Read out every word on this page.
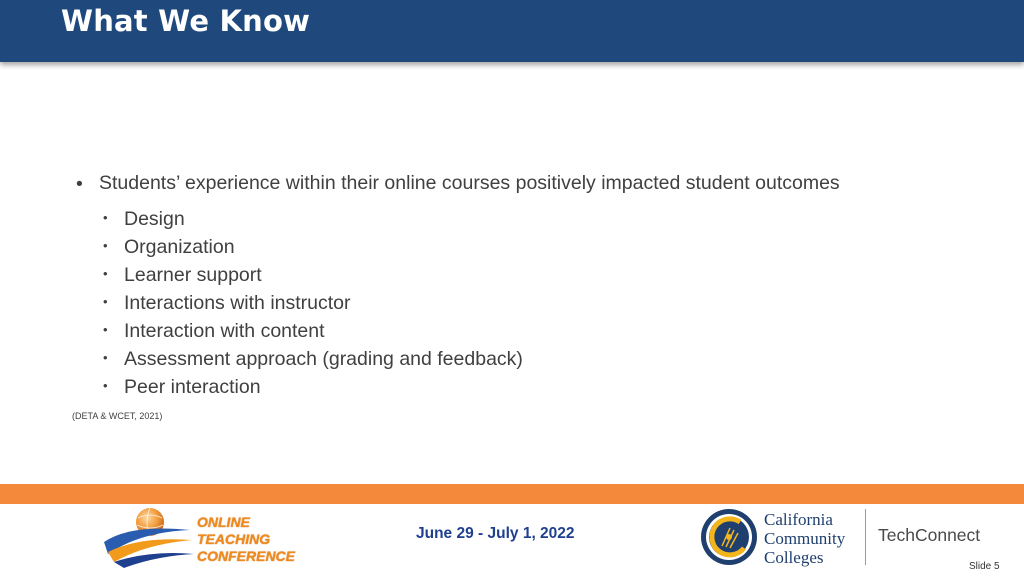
What We Know
• Students’ experience within their online courses positively impacted student outcomes
• Design
• Organization
• Learner support
• Interactions with instructor
• Interaction with content
• Assessment approach (grading and feedback)
• Peer interaction
(DETA & WCET, 2021)
ONLINE
TEACHING
CONFERENCE
June 29 - July 1, 2022
California
Community
Colleges
TechConnect
Slide 5
